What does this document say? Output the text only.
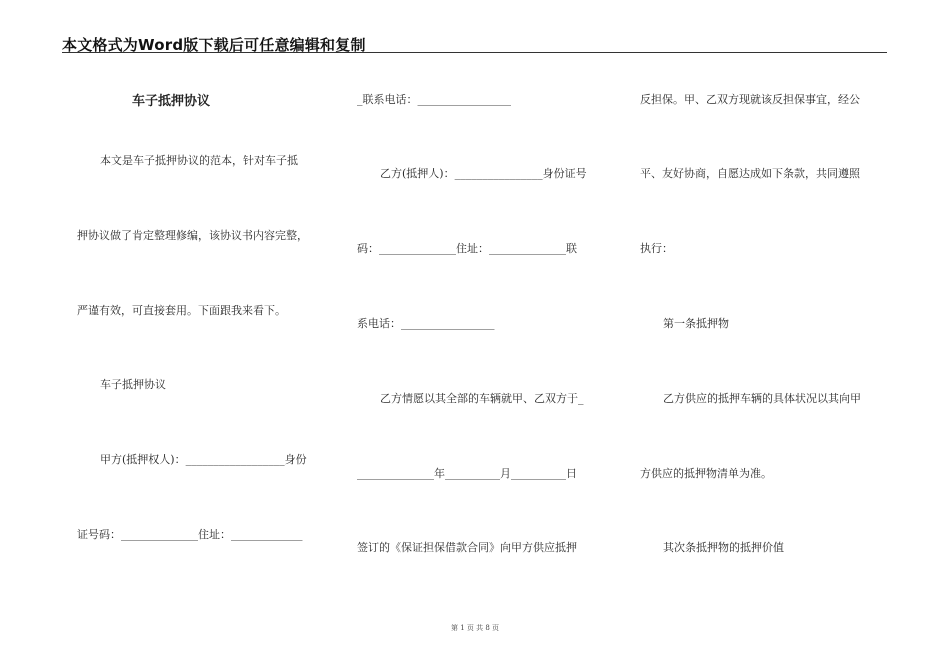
本文格式为Word版下载后可任意编辑和复制
车子抵押协议
本文是车子抵押协议的范本，针对车子抵
押协议做了肯定整理修编，该协议书内容完整，
严谨有效，可直接套用。下面跟我来看下。
车子抵押协议
甲方(抵押权人)：__________________身份
证号码：______________住址：_____________
_联系电话：_________________
乙方(抵押人)：________________身份证号
码：______________住址：______________联
系电话：_________________
乙方情愿以其全部的车辆就甲、乙双方于_
______________年__________月__________日
签订的《保证担保借款合同》向甲方供应抵押
反担保。甲、乙双方现就该反担保事宜，经公
平、友好协商，自愿达成如下条款，共同遵照
执行：
第一条抵押物
乙方供应的抵押车辆的具体状况以其向甲
方供应的抵押物清单为准。
其次条抵押物的抵押价值
第 1 页 共 8 页
